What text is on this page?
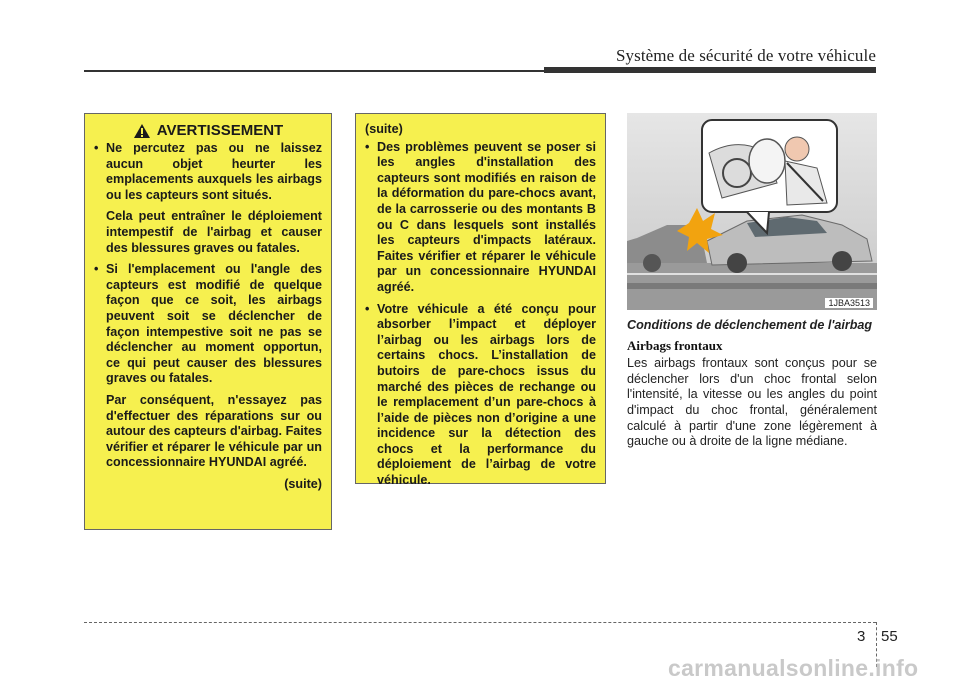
Système de sécurité de votre véhicule
AVERTISSEMENT
• Ne percutez pas ou ne laissez aucun objet heurter les emplacements auxquels les airbags ou les capteurs sont situés.
Cela peut entraîner le déploiement intempestif de l'airbag et causer des blessures graves ou fatales.
• Si l'emplacement ou l'angle des capteurs est modifié de quelque façon que ce soit, les airbags peuvent soit se déclencher de façon intempestive soit ne pas se déclencher au moment opportun, ce qui peut causer des blessures graves ou fatales.
Par conséquent, n'essayez pas d'effectuer des réparations sur ou autour des capteurs d'airbag. Faites vérifier et réparer le véhicule par un concessionnaire HYUNDAI agréé.
(suite)
(suite)
• Des problèmes peuvent se poser si les angles d'installation des capteurs sont modifiés en raison de la déformation du pare-chocs avant, de la carrosserie ou des montants B ou C dans lesquels sont installés les capteurs d'impacts latéraux. Faites vérifier et réparer le véhicule par un concessionnaire HYUNDAI agréé.
• Votre véhicule a été conçu pour absorber l’impact et déployer l’airbag ou les airbags lors de certains chocs. L’installation de butoirs de pare-chocs issus du marché des pièces de rechange ou le remplacement d’un pare-chocs à l’aide de pièces non d’origine a une incidence sur la détection des chocs et la performance du déploiement de l’airbag de votre véhicule.
1JBA3513
Conditions de déclenchement de l'airbag
Airbags frontaux
Les airbags frontaux sont conçus pour se déclencher lors d'un choc frontal selon l'intensité, la vitesse ou les angles du point d'impact du choc frontal, généralement calculé à partir d'une zone légèrement à gauche ou à droite de la ligne médiane.
3 55
carmanualsonline.info
